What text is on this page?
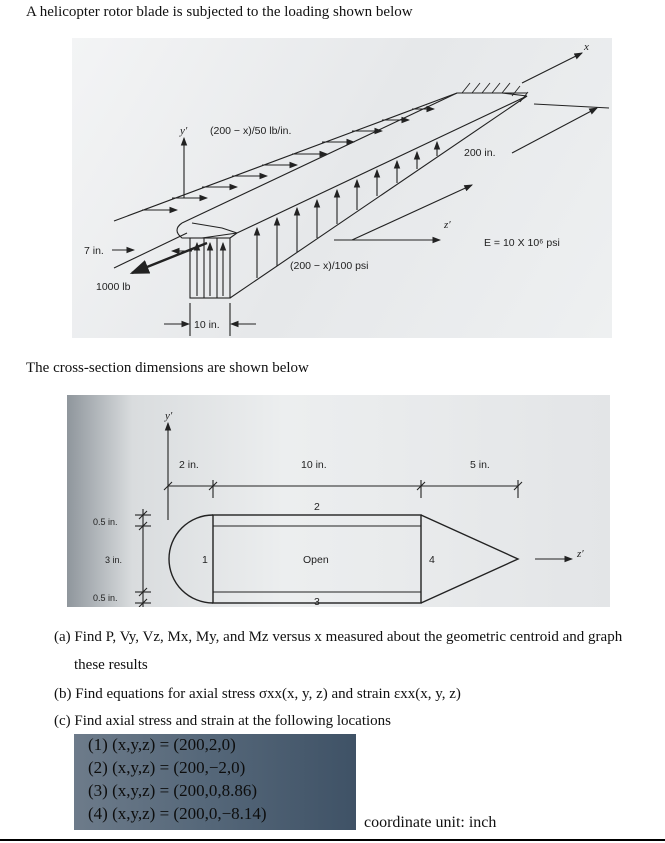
A helicopter rotor blade is subjected to the loading shown below
x
y′ (200 − x)/50 lb/in.
200 in.
z′
E = 10 X 10⁶ psi
7 in.
(200 − x)/100 psi
1000 lb
10 in.
The cross-section dimensions are shown below
y′
2 in.	10 in.	5 in.
0.5 in.
3 in.
0.5 in.
2
1	Open	4
3
z′
(a) Find P, Vy, Vz, Mx, My, and Mz versus x measured about the geometric centroid and graph
these results
(b) Find equations for axial stress σxx(x, y, z) and strain εxx(x, y, z)
(c) Find axial stress and strain at the following locations
(1) (x,y,z) = (200,2,0)
(2) (x,y,z) = (200,−2,0)
(3) (x,y,z) = (200,0,8.86)
(4) (x,y,z) = (200,0,−8.14)	coordinate unit: inch
